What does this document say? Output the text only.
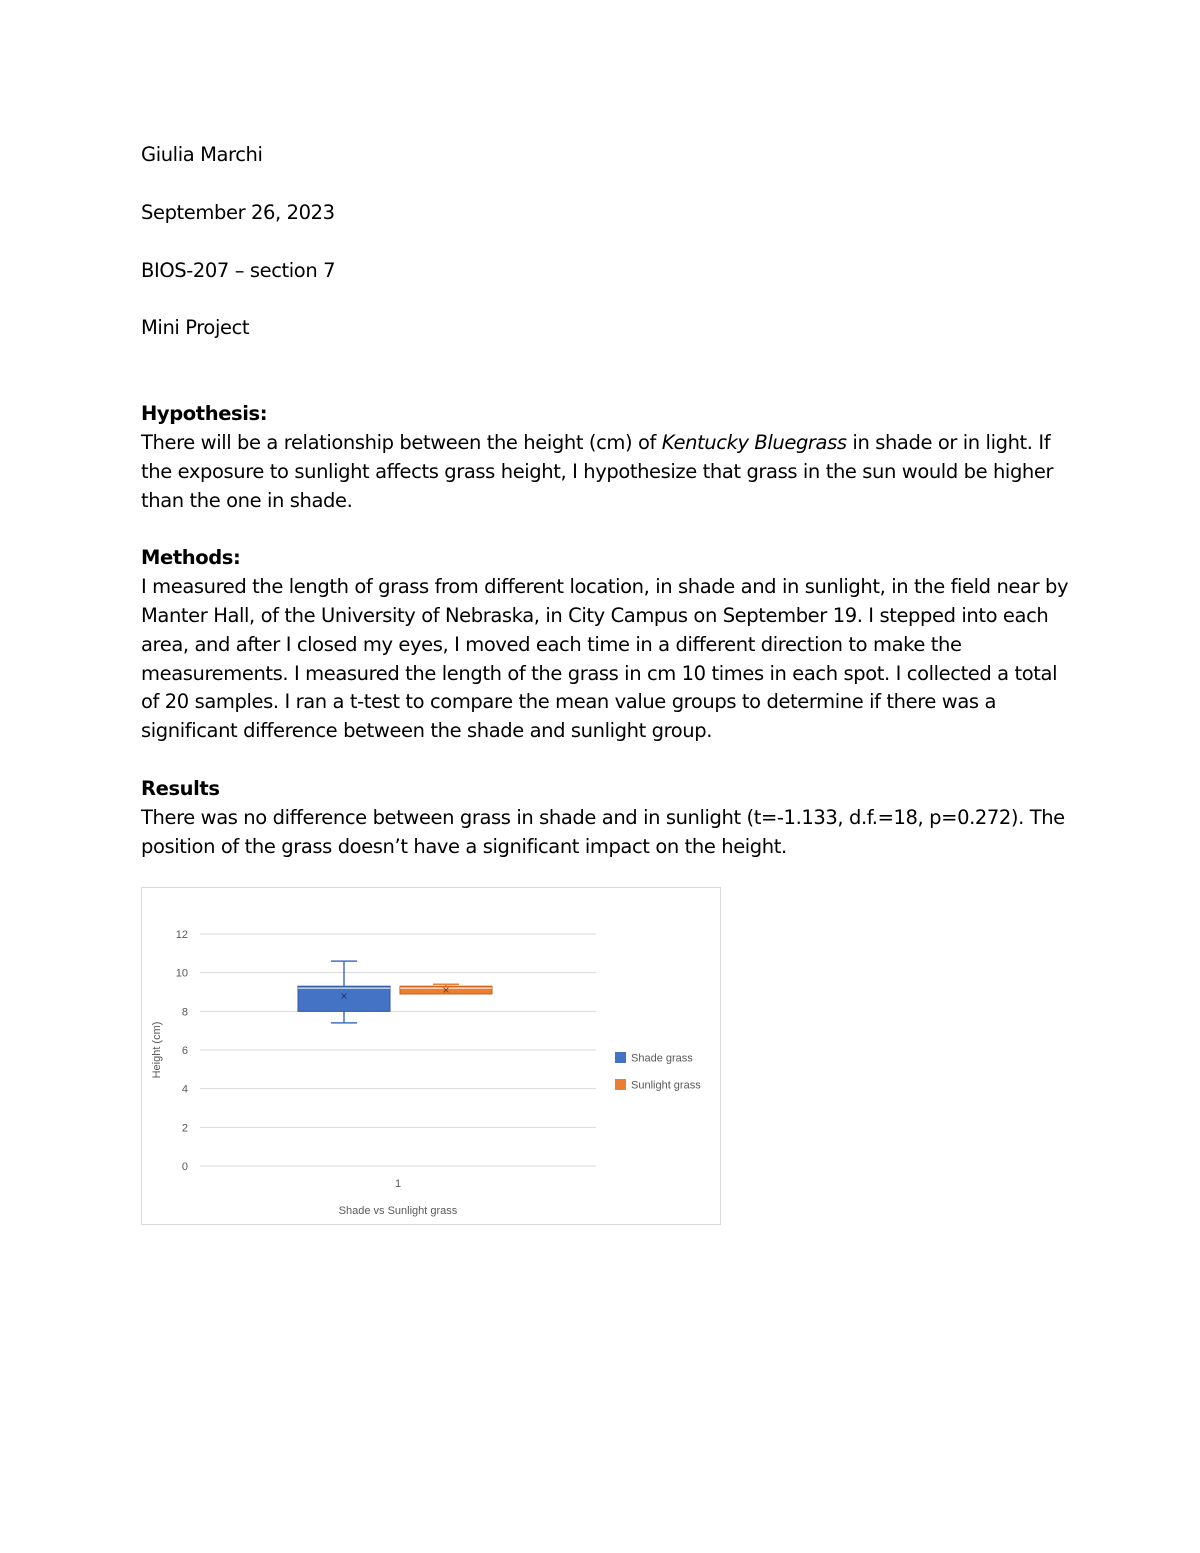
Giulia Marchi

September 26, 2023

BIOS-207 – section 7

Mini Project

Hypothesis:

There will be a relationship between the height (cm) of Kentucky Bluegrass in shade or in light. If the exposure to sunlight affects grass height, I hypothesize that grass in the sun would be higher than the one in shade.

Methods:

I measured the length of grass from different location, in shade and in sunlight, in the field near by Manter Hall, of the University of Nebraska, in City Campus on September 19. I stepped into each area, and after I closed my eyes, I moved each time in a different direction to make the measurements. I measured the length of the grass in cm 10 times in each spot. I collected a total of 20 samples. I ran a t-test to compare the mean value groups to determine if there was a significant difference between the shade and sunlight group.

Results

There was no difference between grass in shade and in sunlight (t=-1.133, d.f.=18, p=0.272). The position of the grass doesn’t have a significant impact on the height.

0
2
4
6
8
10
12
×	×
1
Shade vs Sunlight grass
Height (cm)	Shade grass
Sunlight grass
